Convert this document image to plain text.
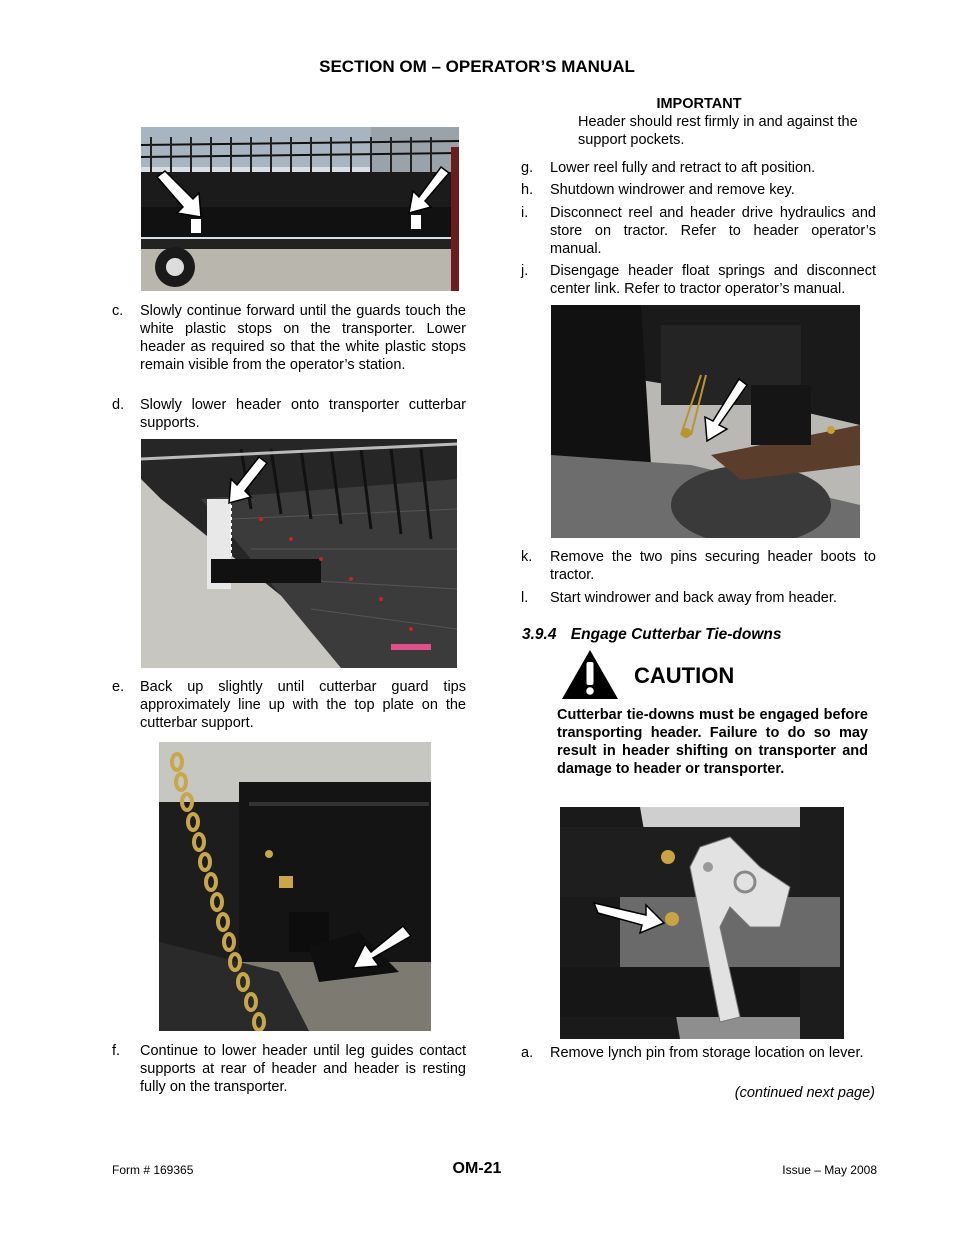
SECTION OM – OPERATOR’S MANUAL
c. Slowly continue forward until the guards touch the white plastic stops on the transporter. Lower header as required so that the white plastic stops remain visible from the operator’s station.
d. Slowly lower header onto transporter cutterbar supports.
e. Back up slightly until cutterbar guard tips approximately line up with the top plate on the cutterbar support.
f. Continue to lower header until leg guides contact supports at rear of header and header is resting fully on the transporter.
IMPORTANT
Header should rest firmly in and against the support pockets.
g. Lower reel fully and retract to aft position.
h. Shutdown windrower and remove key.
i. Disconnect reel and header drive hydraulics and store on tractor. Refer to header operator’s manual.
j. Disengage header float springs and disconnect center link. Refer to tractor operator’s manual.
k. Remove the two pins securing header boots to tractor.
l. Start windrower and back away from header.
3.9.4 Engage Cutterbar Tie-downs
CAUTION
Cutterbar tie-downs must be engaged before transporting header. Failure to do so may result in header shifting on transporter and damage to header or transporter.
a. Remove lynch pin from storage location on lever.
(continued next page)
Form # 169365	OM-21	Issue – May 2008
